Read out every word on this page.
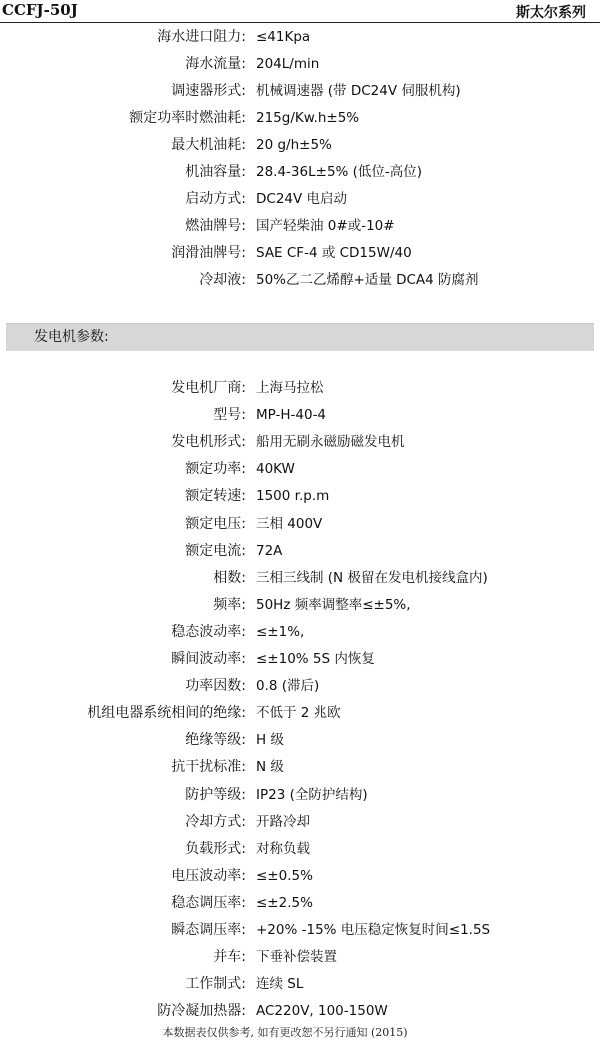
CCFJ-50J	斯太尔系列
海水进口阻力: ≤41Kpa
海水流量: 204L/min
调速器形式: 机械调速器 (带 DC24V 伺服机构)
额定功率时燃油耗: 215g/Kw.h±5%
最大机油耗: 20 g/h±5%
机油容量: 28.4-36L±5% (低位-高位)
启动方式: DC24V 电启动
燃油牌号: 国产轻柴油 0#或-10#
润滑油牌号: SAE CF-4 或 CD15W/40
冷却液: 50%乙二乙烯醇+适量 DCA4 防腐剂
发电机参数:
发电机厂商: 上海马拉松
型号: MP-H-40-4
发电机形式: 船用无刷永磁励磁发电机
额定功率: 40KW
额定转速: 1500 r.p.m
额定电压: 三相 400V
额定电流: 72A
相数: 三相三线制 (N 极留在发电机接线盒内)
频率: 50Hz 频率调整率≤±5%,
稳态波动率: ≤±1%,
瞬间波动率: ≤±10% 5S 内恢复
功率因数: 0.8 (滞后)
机组电器系统相间的绝缘: 不低于 2 兆欧
绝缘等级: H 级
抗干扰标准: N 级
防护等级: IP23 (全防护结构)
冷却方式: 开路冷却
负载形式: 对称负载
电压波动率: ≤±0.5%
稳态调压率: ≤±2.5%
瞬态调压率: +20% -15% 电压稳定恢复时间≤1.5S
并车: 下垂补偿装置
工作制式: 连续 SL
防冷凝加热器: AC220V, 100-150W
本数据表仅供参考, 如有更改恕不另行通知 (2015)
